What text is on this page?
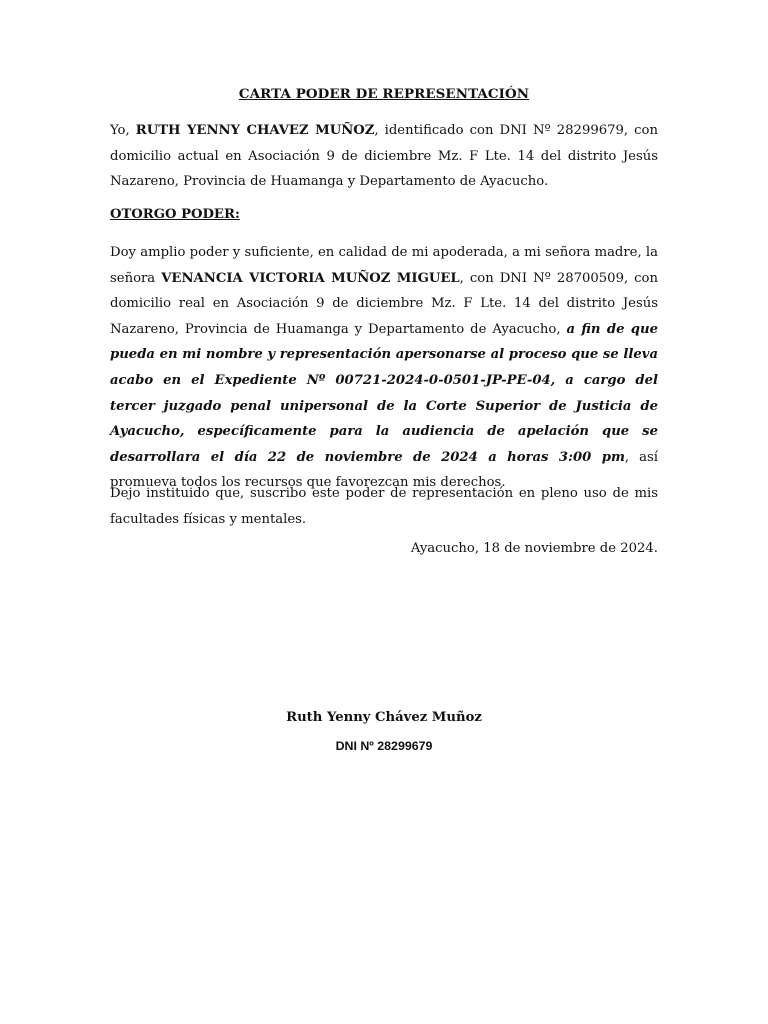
CARTA PODER DE REPRESENTACIÓN
Yo, RUTH YENNY CHAVEZ MUÑOZ, identificado con DNI Nº 28299679, con domicilio actual en Asociación 9 de diciembre Mz. F Lte. 14 del distrito Jesús Nazareno, Provincia de Huamanga y Departamento de Ayacucho.
OTORGO PODER:
Doy amplio poder y suficiente, en calidad de mi apoderada, a mi señora madre, la señora VENANCIA VICTORIA MUÑOZ MIGUEL, con DNI Nº 28700509, con domicilio real en Asociación 9 de diciembre Mz. F Lte. 14 del distrito Jesús Nazareno, Provincia de Huamanga y Departamento de Ayacucho, a fin de que pueda en mi nombre y representación apersonarse al proceso que se lleva acabo en el Expediente Nº 00721-2024-0-0501-JP-PE-04, a cargo del tercer juzgado penal unipersonal de la Corte Superior de Justicia de Ayacucho, específicamente para la audiencia de apelación que se desarrollara el día 22 de noviembre de 2024 a horas 3:00 pm, así promueva todos los recursos que favorezcan mis derechos.
Dejo instituido que, suscribo este poder de representación en pleno uso de mis facultades físicas y mentales.
Ayacucho, 18 de noviembre de 2024.
Ruth Yenny Chávez Muñoz
DNI Nº 28299679
